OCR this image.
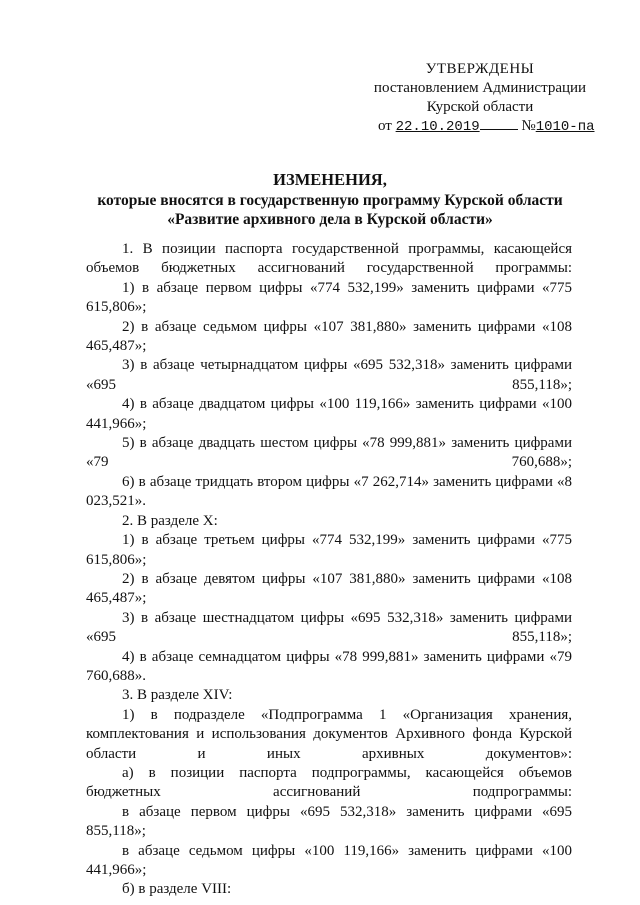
УТВЕРЖДЕНЫ
постановлением Администрации
Курской области
от 22.10.2019	№1010-па
ИЗМЕНЕНИЯ,
которые вносятся в государственную программу Курской области
«Развитие архивного дела в Курской области»

1. В позиции паспорта государственной программы, касающейся объемов бюджетных ассигнований государственной программы:

1) в абзаце первом цифры «774 532,199» заменить цифрами «775 615,806»;

2) в абзаце седьмом цифры «107 381,880» заменить цифрами «108 465,487»;

3) в абзаце четырнадцатом цифры «695 532,318» заменить цифрами «695 855,118»;

4) в абзаце двадцатом цифры «100 119,166» заменить цифрами «100 441,966»;

5) в абзаце двадцать шестом цифры «78 999,881» заменить цифрами «79 760,688»;

6) в абзаце тридцать втором цифры «7 262,714» заменить цифрами «8 023,521».

2. В разделе X:

1) в абзаце третьем цифры «774 532,199» заменить цифрами «775 615,806»;

2) в абзаце девятом цифры «107 381,880» заменить цифрами «108 465,487»;

3) в абзаце шестнадцатом цифры «695 532,318» заменить цифрами «695 855,118»;

4) в абзаце семнадцатом цифры «78 999,881» заменить цифрами «79 760,688».

3. В разделе XIV:

1) в подразделе «Подпрограмма 1 «Организация хранения, комплектования и использования документов Архивного фонда Курской области и иных архивных документов»:

а) в позиции паспорта подпрограммы, касающейся объемов бюджетных ассигнований подпрограммы:

в абзаце первом цифры «695 532,318» заменить цифрами «695 855,118»;

в абзаце седьмом цифры «100 119,166» заменить цифрами «100 441,966»;

б) в разделе VIII:
